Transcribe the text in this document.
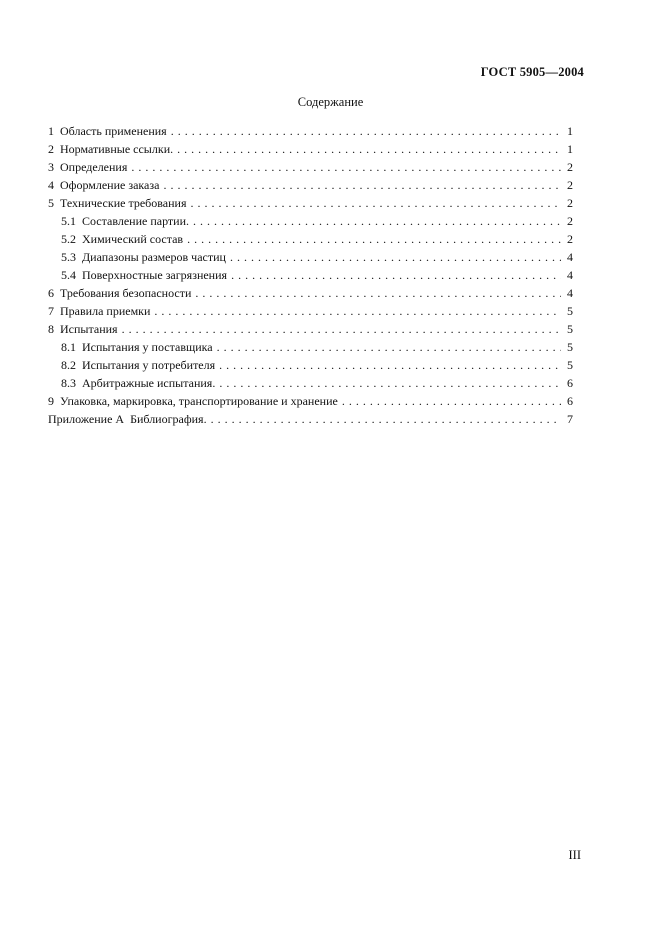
ГОСТ 5905—2004
Содержание
1 Область применения . . .	1
2 Нормативные ссылки. . . .	1
3 Определения . . .	2
4 Оформление заказа . . .	2
5 Технические требования . . .	2
5.1 Составление партии. . . .	2
5.2 Химический состав . . .	2
5.3 Диапазоны размеров частиц . . .	4
5.4 Поверхностные загрязнения . . .	4
6 Требования безопасности . . .	4
7 Правила приемки . . .	5
8 Испытания . . .	5
8.1 Испытания у поставщика . . .	5
8.2 Испытания у потребителя . . .	5
8.3 Арбитражные испытания. . . .	6
9 Упаковка, маркировка, транспортирование и хранение . . .	6
Приложение А Библиография. . . .	7
III
